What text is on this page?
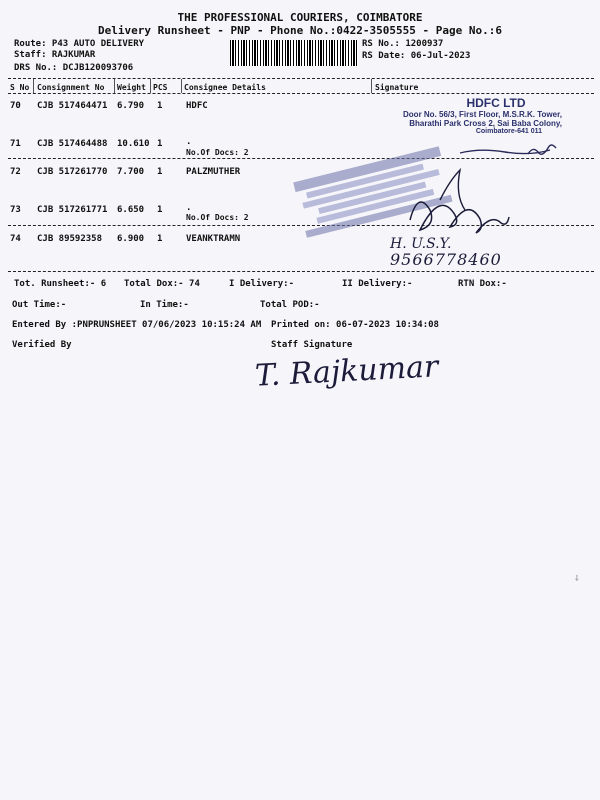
THE PROFESSIONAL COURIERS, COIMBATORE
Delivery Runsheet - PNP - Phone No.:0422-3505555 - Page No.:6
Route: P43 AUTO DELIVERY
Staff: RAJKUMAR
DRS No.: DCJB120093706
RS No.: 1200937
RS Date: 06-Jul-2023
S No Consignment No Weight PCS Consignee Details	Signature
70 CJB 517464471 6.790 1	HDFC
71 CJB 517464488 10.610 1	.
No.Of Docs: 2
72 CJB 517261770 7.700 1	PALZMUTHER
73 CJB 517261771 6.650 1	.
No.Of Docs: 2
74 CJB 89592358 6.900 1	VEANKTRAMN
HDFC LTD
Door No. 56/3, First Floor, M.S.R.K. Tower,
Bharathi Park Cross 2, Sai Baba Colony,
Coimbatore-641 011
H. U.S.Y.
9566778460
Tot. Runsheet:- 6 Total Dox:- 74	I Delivery:-	II Delivery:-	RTN Dox:-
Out Time:-	In Time:-	Total POD:-
Entered By :PNPRUNSHEET 07/06/2023 10:15:24 AM Printed on: 06-07-2023 10:34:08
Verified By	Staff Signature
T. Rajkumar
⸸
